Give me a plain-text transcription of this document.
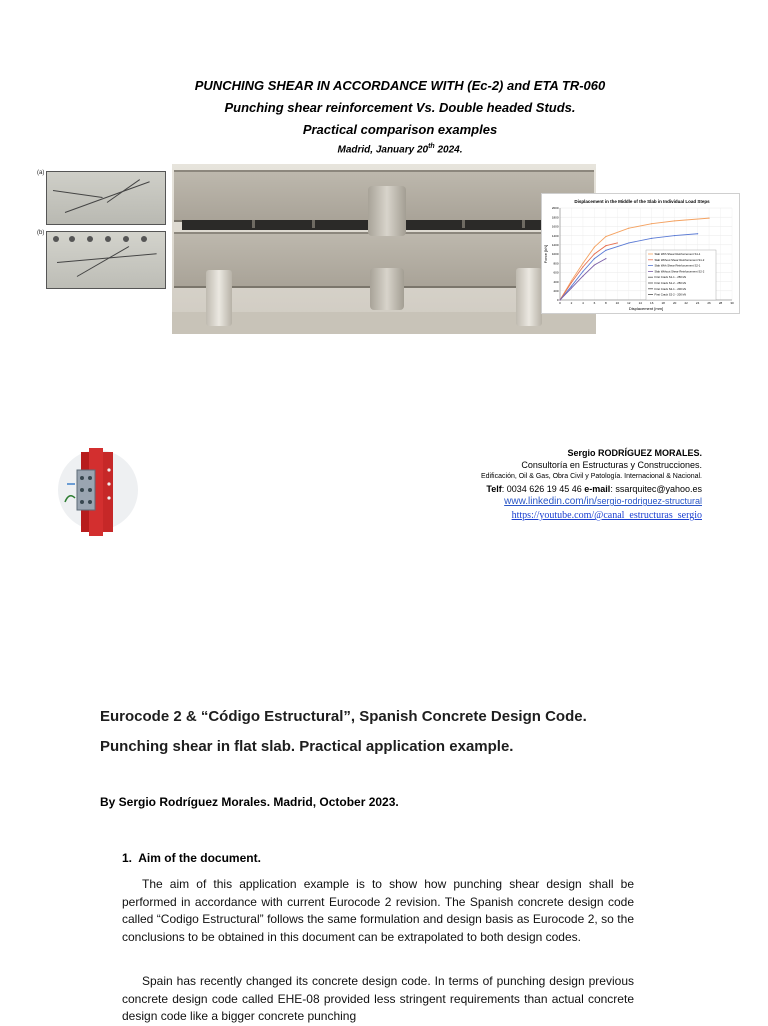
PUNCHING SHEAR IN ACCORDANCE WITH (Ec-2) and ETA TR-060
Punching shear reinforcement Vs. Double headed Studs.
Practical comparison examples
Madrid, January 20th 2024.
(a)
(b)
Displacement in the Middle of the Slab in Individual Load Steps
Force [kN]
Displacement [mm]
0
200
400
600
800
1000
1200
1400
1600
1800
2000
0	2	4	6	8	10	12	14	16	18	20	22	24	26	28	30
Slab With Shear Reinforcement S1-1
Slab Without Shear Reinforcement S1-2
Slab With Shear Reinforcement S2-1
Slab Without Shear Reinforcement S2-2
First Crack S1-1 - 250 kN
First Crack S1-2 - 250 kN
First Crack S2-1 - 200 kN
First Crack S2-2 - 200 kN
Sergio RODRÍGUEZ MORALES.
Consultoría en Estructuras y Construcciones.
Edificación, Oil & Gas, Obra Civil y Patología. Internacional & Nacional.
Telf: 0034 626 19 45 46 e-mail: ssarquitec@yahoo.es
www.linkedin.com/in/sergio-rodriguez-structural
https://youtube.com/@canal_estructuras_sergio
Eurocode 2 & “Código Estructural”, Spanish Concrete Design Code.
Punching shear in flat slab. Practical application example.
By Sergio Rodríguez Morales. Madrid, October 2023.
1. Aim of the document.

The aim of this application example is to show how punching shear design shall be performed in accordance with current Eurocode 2 revision. The Spanish concrete design code called “Codigo Estructural” follows the same formulation and design basis as Eurocode 2, so the conclusions to be obtained in this document can be extrapolated to both design codes.

Spain has recently changed its concrete design code. In terms of punching design previous concrete design code called EHE-08 provided less stringent requirements than actual concrete design code like a bigger concrete punching
